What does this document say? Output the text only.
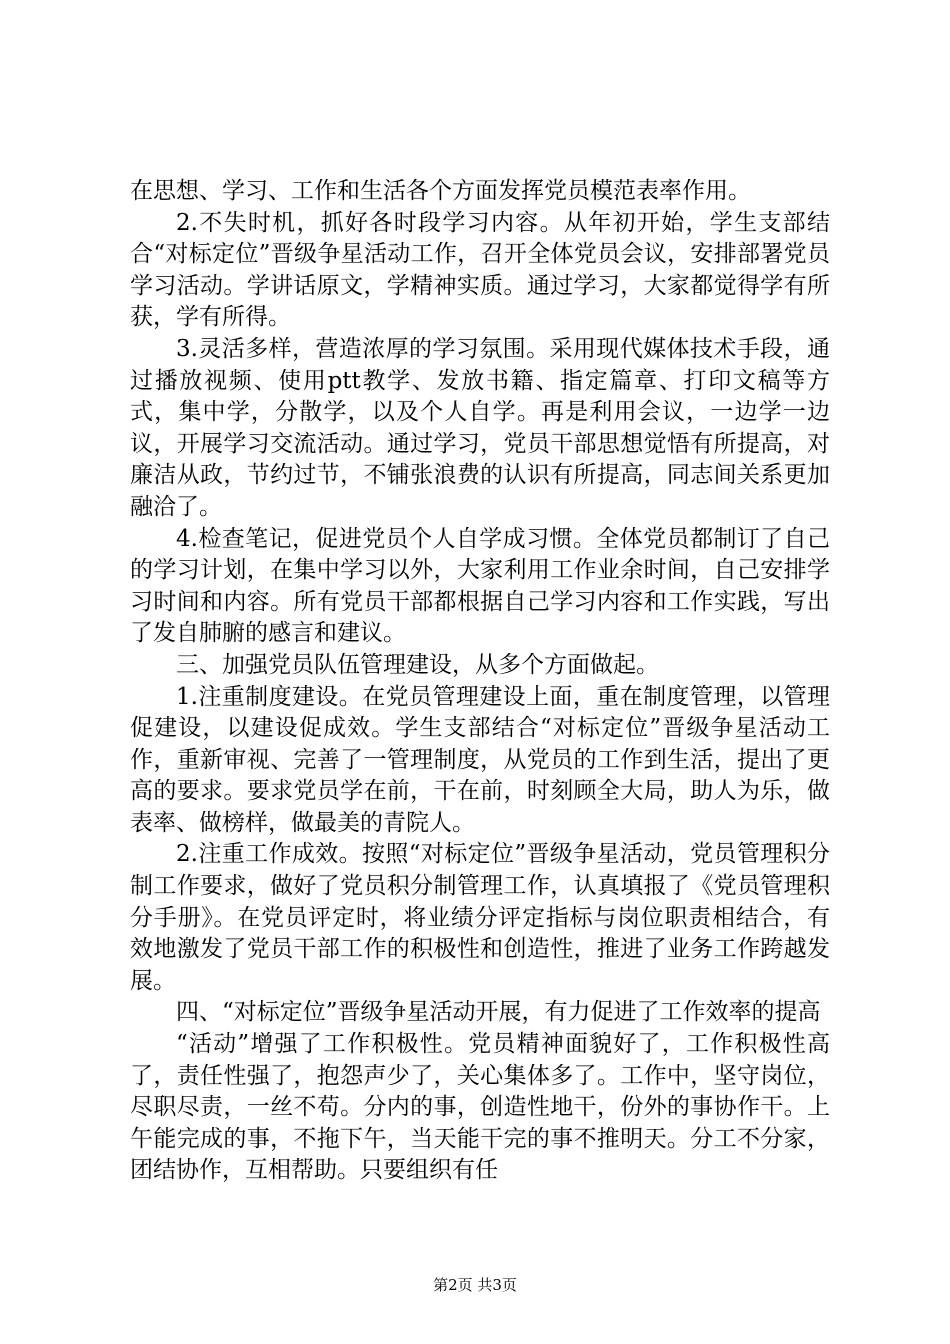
在思想、学习、工作和生活各个方面发挥党员模范表率作用。

2.不失时机，抓好各时段学习内容。从年初开始，学生支部结合“对标定位”晋级争星活动工作，召开全体党员会议，安排部署党员学习活动。学讲话原文，学精神实质。通过学习，大家都觉得学有所获，学有所得。

3.灵活多样，营造浓厚的学习氛围。采用现代媒体技术手段，通过播放视频、使用ptt教学、发放书籍、指定篇章、打印文稿等方式，集中学，分散学，以及个人自学。再是利用会议，一边学一边议，开展学习交流活动。通过学习，党员干部思想觉悟有所提高，对廉洁从政，节约过节，不铺张浪费的认识有所提高，同志间关系更加融洽了。

4.检查笔记，促进党员个人自学成习惯。全体党员都制订了自己的学习计划，在集中学习以外，大家利用工作业余时间，自己安排学习时间和内容。所有党员干部都根据自己学习内容和工作实践，写出了发自肺腑的感言和建议。

三、加强党员队伍管理建设，从多个方面做起。

1.注重制度建设。在党员管理建设上面，重在制度管理，以管理促建设，以建设促成效。学生支部结合“对标定位”晋级争星活动工作，重新审视、完善了一管理制度，从党员的工作到生活，提出了更高的要求。要求党员学在前，干在前，时刻顾全大局，助人为乐，做表率、做榜样，做最美的青院人。

2.注重工作成效。按照“对标定位”晋级争星活动，党员管理积分制工作要求，做好了党员积分制管理工作，认真填报了《党员管理积分手册》。在党员评定时，将业绩分评定指标与岗位职责相结合，有效地激发了党员干部工作的积极性和创造性，推进了业务工作跨越发展。

四、“对标定位”晋级争星活动开展，有力促进了工作效率的提高

“活动”增强了工作积极性。党员精神面貌好了，工作积极性高了，责任性强了，抱怨声少了，关心集体多了。工作中，坚守岗位，尽职尽责，一丝不苟。分内的事，创造性地干，份外的事协作干。上午能完成的事，不拖下午，当天能干完的事不推明天。分工不分家，团结协作，互相帮助。只要组织有任

第2页 共3页
